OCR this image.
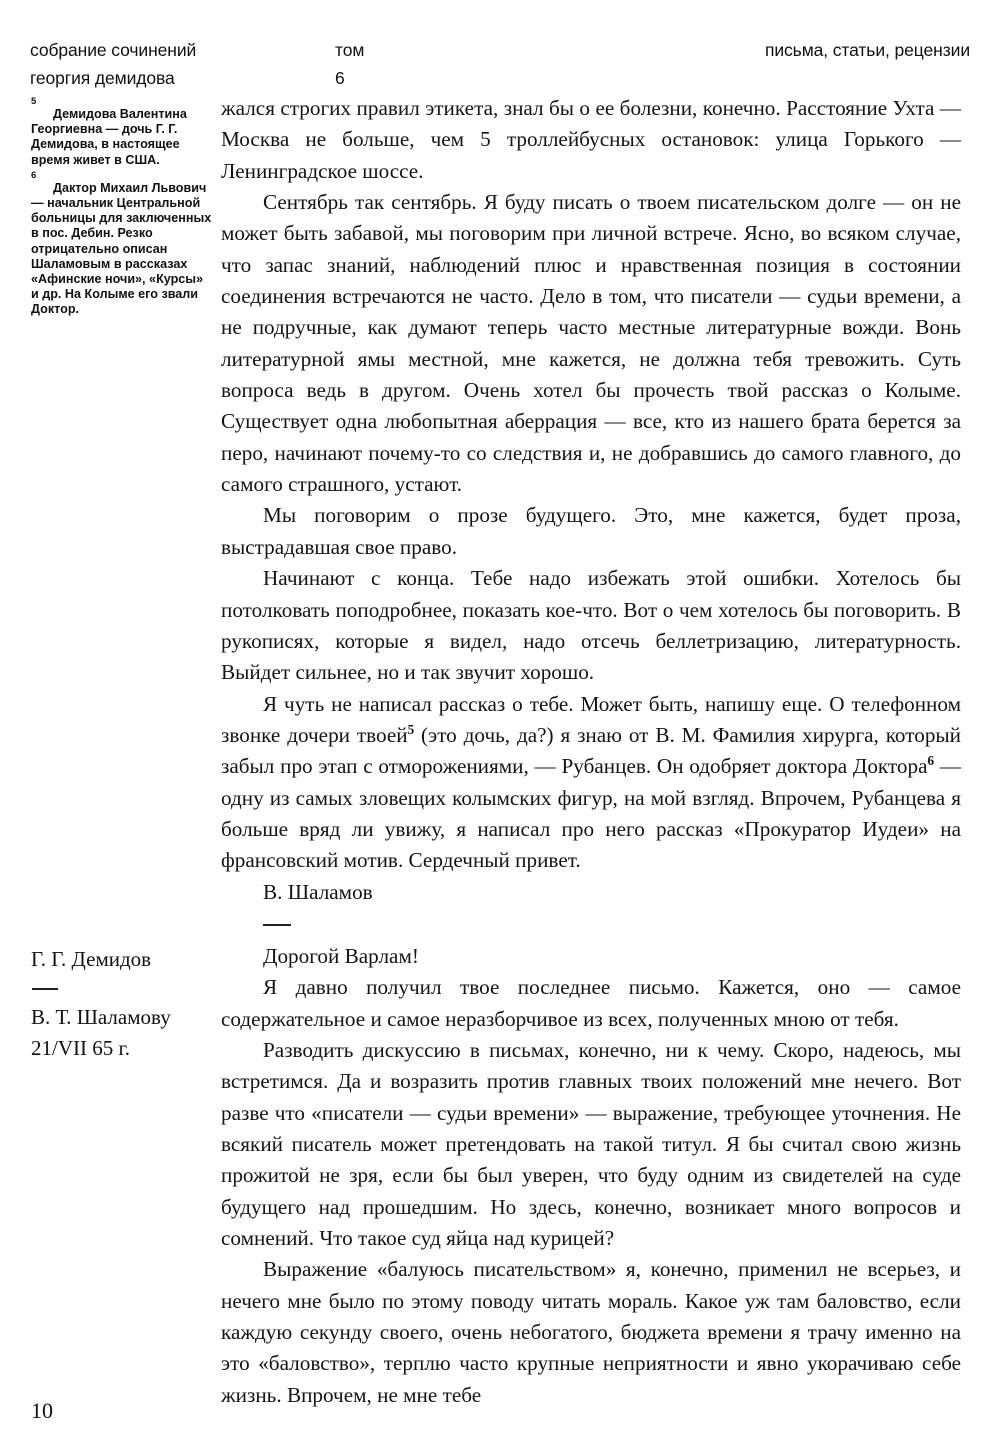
собрание сочинений
георгия демидова
том
6
письма, статьи, рецензии
5
Демидова Валентина Георгиевна — дочь Г. Г. Демидова, в настоящее время живет в США.
6
Дактор Михаил Львович — начальник Центральной больницы для заключенных в пос. Дебин. Резко отрицательно описан Шаламовым в рассказах «Афинские ночи», «Курсы» и др. На Колыме его звали Доктор.
Г. Г. Демидов
В. Т. Шаламову
21/VII 65 г.

жался строгих правил этикета, знал бы о ее болезни, конечно. Расстояние Ухта — Москва не больше, чем 5 троллейбусных остановок: улица Горького — Ленинградское шоссе.

Сентябрь так сентябрь. Я буду писать о твоем писательском долге — он не может быть забавой, мы поговорим при личной встрече. Ясно, во всяком случае, что запас знаний, наблюдений плюс и нравственная позиция в состоянии соединения встречаются не часто. Дело в том, что писатели — судьи времени, а не подручные, как думают теперь часто местные литературные вожди. Вонь литературной ямы местной, мне кажется, не должна тебя тревожить. Суть вопроса ведь в другом. Очень хотел бы прочесть твой рассказ о Колыме. Существует одна любопытная аберрация — все, кто из нашего брата берется за перо, начинают почему-то со следствия и, не добравшись до самого главного, до самого страшного, устают.

Мы поговорим о прозе будущего. Это, мне кажется, будет проза, выстрадавшая свое право.

Начинают с конца. Тебе надо избежать этой ошибки. Хотелось бы потолковать поподробнее, показать кое-что. Вот о чем хотелось бы поговорить. В рукописях, которые я видел, надо отсечь беллетризацию, литературность. Выйдет сильнее, но и так звучит хорошо.

Я чуть не написал рассказ о тебе. Может быть, напишу еще. О телефонном звонке дочери твоей$^5$ (это дочь, да?) я знаю от В. М. Фамилия хирурга, который забыл про этап с отморожениями, — Рубанцев. Он одобряет доктора Доктора$^6$ — одну из самых зловещих колымских фигур, на мой взгляд. Впрочем, Рубанцева я больше вряд ли увижу, я написал про него рассказ «Прокуратор Иудеи» на франсовский мотив. Сердечный привет.

В. Шаламов

Дорогой Варлам!

Я давно получил твое последнее письмо. Кажется, оно — самое содержательное и самое неразборчивое из всех, полученных мною от тебя.

Разводить дискуссию в письмах, конечно, ни к чему. Скоро, надеюсь, мы встретимся. Да и возразить против главных твоих положений мне нечего. Вот разве что «писатели — судьи времени» — выражение, требующее уточнения. Не всякий писатель может претендовать на такой титул. Я бы считал свою жизнь прожитой не зря, если бы был уверен, что буду одним из свидетелей на суде будущего над прошедшим. Но здесь, конечно, возникает много вопросов и сомнений. Что такое суд яйца над курицей?

Выражение «балуюсь писательством» я, конечно, применил не всерьез, и нечего мне было по этому поводу читать мораль. Какое уж там баловство, если каждую секунду своего, очень небогатого, бюджета времени я трачу именно на это «баловство», терплю часто крупные неприятности и явно укорачиваю себе жизнь. Впрочем, не мне тебе

10
